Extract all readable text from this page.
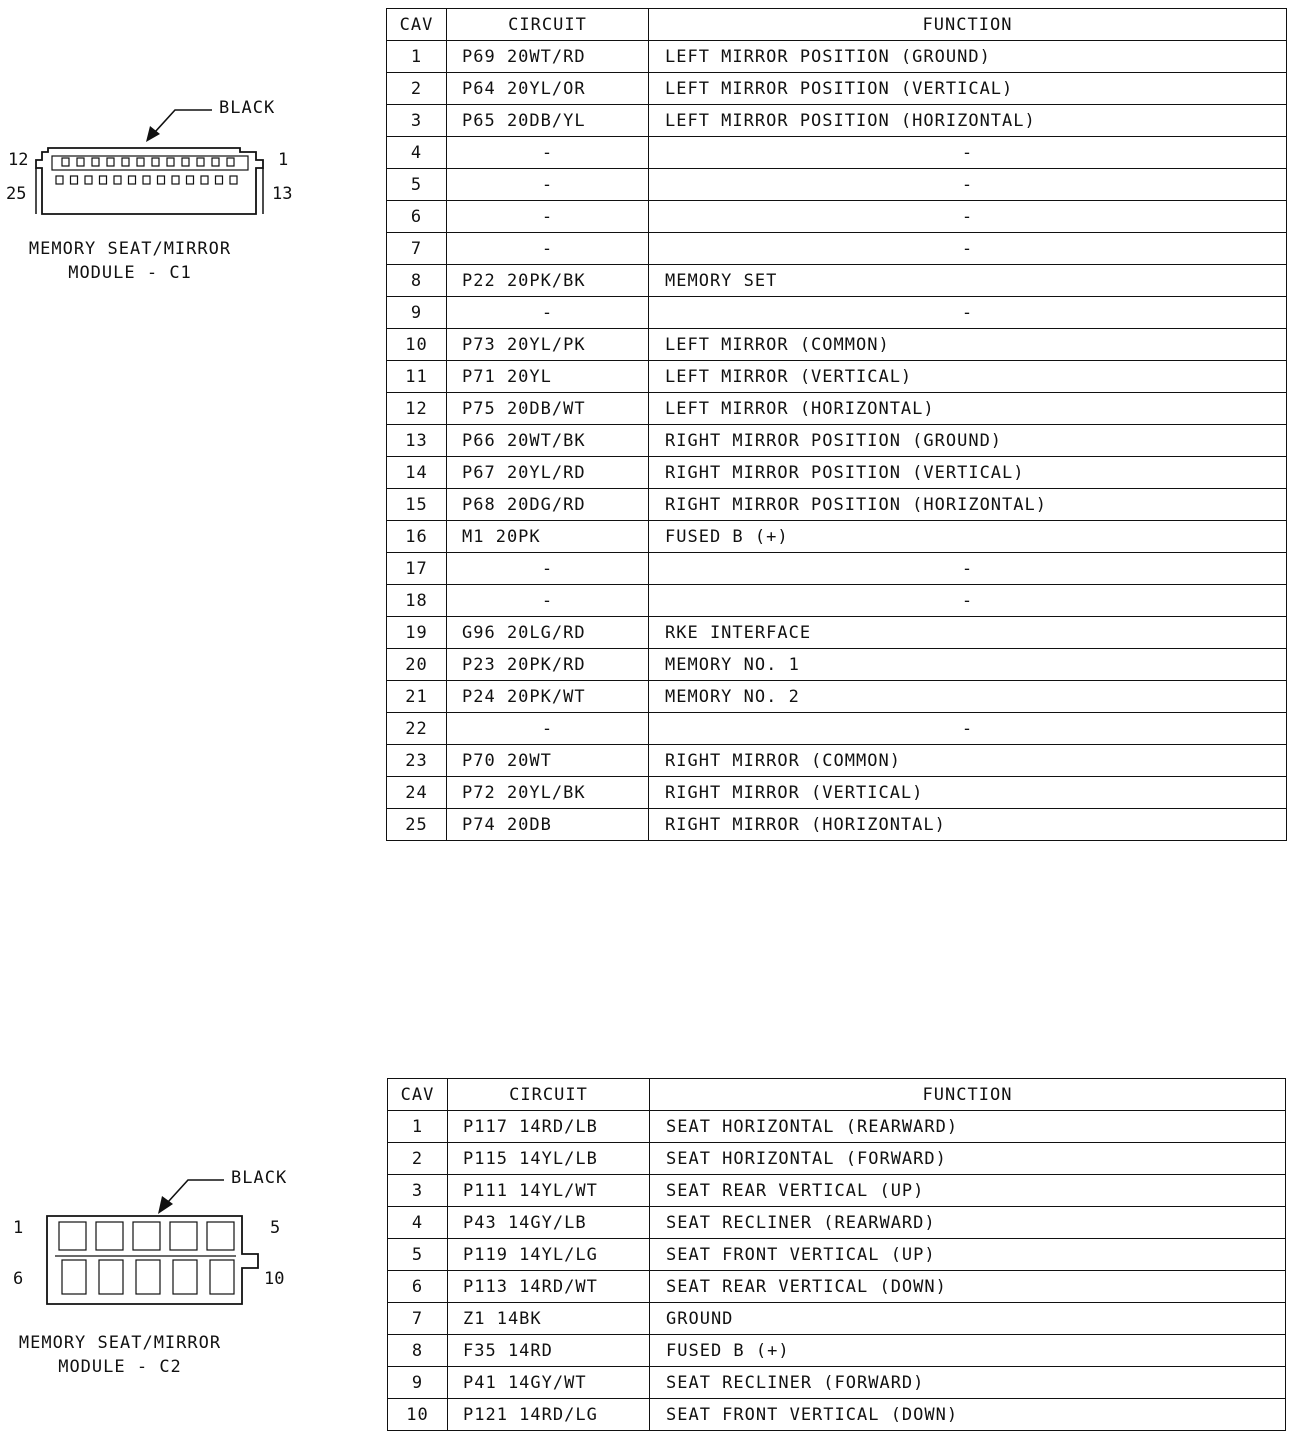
BLACK
12	1
25	13
MEMORY SEAT/MIRROR
MODULE - C1
CAV	CIRCUIT	FUNCTION
1	P69 20WT/RD	LEFT MIRROR POSITION (GROUND)
2	P64 20YL/OR	LEFT MIRROR POSITION (VERTICAL)
3	P65 20DB/YL	LEFT MIRROR POSITION (HORIZONTAL)
4	-	-
5	-	-
6	-	-
7	-	-
8	P22 20PK/BK	MEMORY SET
9	-	-
10	P73 20YL/PK	LEFT MIRROR (COMMON)
11	P71 20YL	LEFT MIRROR (VERTICAL)
12	P75 20DB/WT	LEFT MIRROR (HORIZONTAL)
13	P66 20WT/BK	RIGHT MIRROR POSITION (GROUND)
14	P67 20YL/RD	RIGHT MIRROR POSITION (VERTICAL)
15	P68 20DG/RD	RIGHT MIRROR POSITION (HORIZONTAL)
16	M1 20PK	FUSED B (+)
17	-	-
18	-	-
19	G96 20LG/RD	RKE INTERFACE
20	P23 20PK/RD	MEMORY NO. 1
21	P24 20PK/WT	MEMORY NO. 2
22	-	-
23	P70 20WT	RIGHT MIRROR (COMMON)
24	P72 20YL/BK	RIGHT MIRROR (VERTICAL)
25	P74 20DB	RIGHT MIRROR (HORIZONTAL)
BLACK
1	5
6	10
MEMORY SEAT/MIRROR
MODULE - C2
CAV	CIRCUIT	FUNCTION
1	P117 14RD/LB	SEAT HORIZONTAL (REARWARD)
2	P115 14YL/LB	SEAT HORIZONTAL (FORWARD)
3	P111 14YL/WT	SEAT REAR VERTICAL (UP)
4	P43 14GY/LB	SEAT RECLINER (REARWARD)
5	P119 14YL/LG	SEAT FRONT VERTICAL (UP)
6	P113 14RD/WT	SEAT REAR VERTICAL (DOWN)
7	Z1 14BK	GROUND
8	F35 14RD	FUSED B (+)
9	P41 14GY/WT	SEAT RECLINER (FORWARD)
10	P121 14RD/LG	SEAT FRONT VERTICAL (DOWN)
